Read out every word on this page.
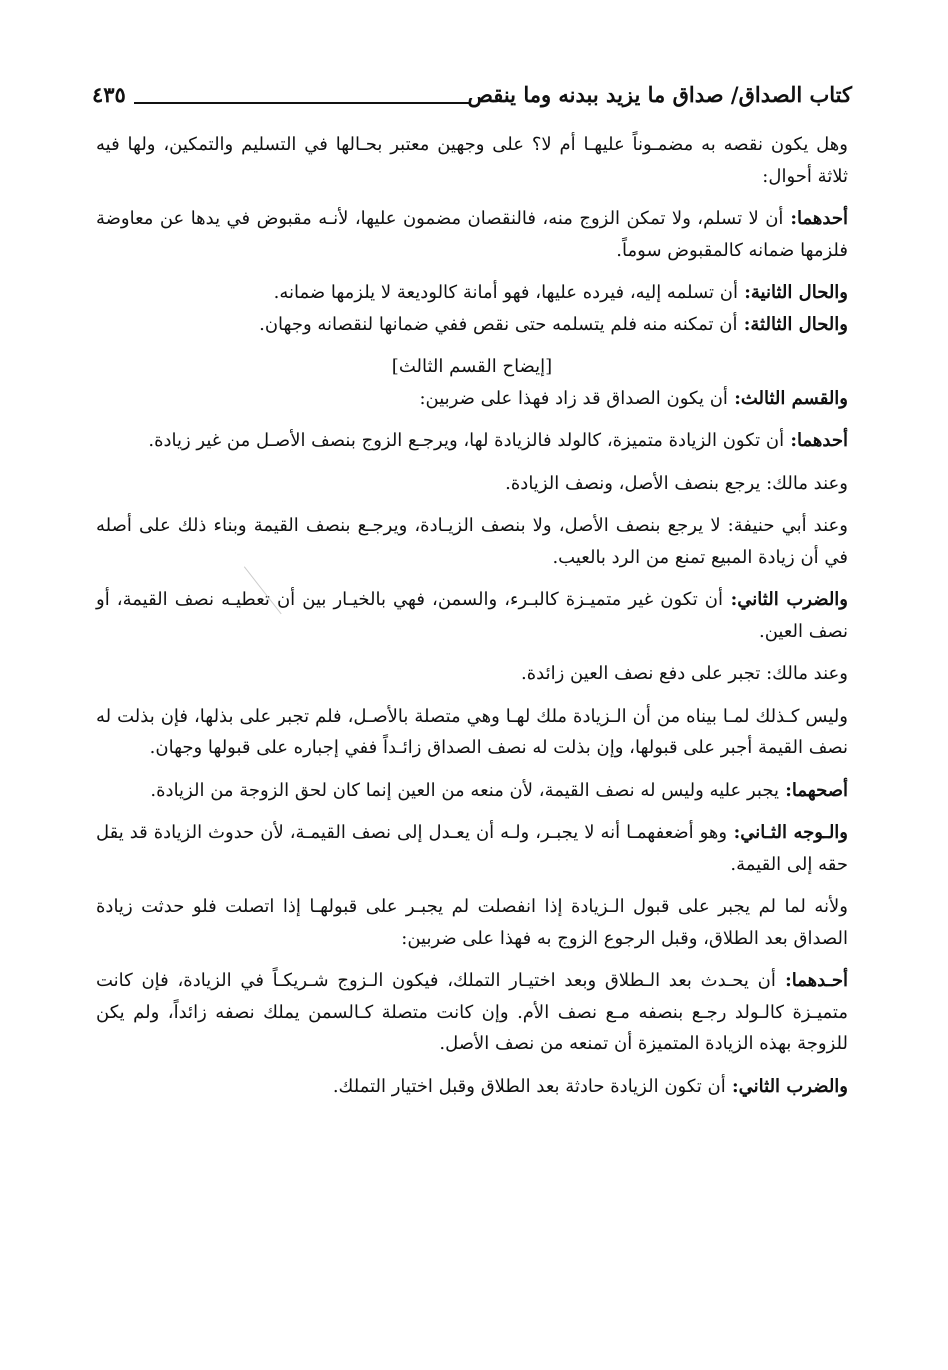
٤٣٥	كتاب الصداق/ صداق ما يزيد ببدنه وما ينقص

وهل يكون نقصه به مضمـوناً عليهـا أم لا؟ على وجهين معتبر بحـالها في التسليم والتمكين، ولها فيه ثلاثة أحوال:

أحدهما: أن لا تسلم، ولا تمكن الزوج منه، فالنقصان مضمون عليها، لأنـه مقبوض في يدها عن معاوضة فلزمها ضمانه كالمقبوض سوماً.

والحال الثانية: أن تسلمه إليه، فيرده عليها، فهو أمانة كالوديعة لا يلزمها ضمانه.

والحال الثالثة: أن تمكنه منه فلم يتسلمه حتى نقص ففي ضمانها لنقصانه وجهان.

[إيضاح القسم الثالث]

والقسم الثالث: أن يكون الصداق قد زاد فهذا على ضربين:

أحدهما: أن تكون الزيادة متميزة، كالولد فالزيادة لها، ويرجـع الزوج بنصف الأصـل من غير زيادة.

وعند مالك: يرجع بنصف الأصل، ونصف الزيادة.

وعند أبي حنيفة: لا يرجع بنصف الأصل، ولا بنصف الزيـادة، ويرجـع بنصف القيمة وبناء ذلك على أصله في أن زيادة المبيع تمنع من الرد بالعيب.

والضرب الثاني: أن تكون غير متميـزة كالبـرء، والسمن، فهي بالخيـار بين أن تعطيـه نصف القيمة، أو نصف العين.

وعند مالك: تجبر على دفع نصف العين زائدة.

وليس كـذلك لمـا بيناه من أن الـزيادة ملك لهـا وهي متصلة بالأصـل، فلم تجبر على بذلها، فإن بذلت له نصف القيمة أجبر على قبولها، وإن بذلت له نصف الصداق زائـداً ففي إجباره على قبولها وجهان.

أصحهما: يجبر عليه وليس له نصف القيمة، لأن منعه من العين إنما كان لحق الزوجة من الزيادة.

والـوجه الثـاني: وهو أضعفهمـا أنه لا يجبـر، ولـه أن يعـدل إلى نصف القيمـة، لأن حدوث الزيادة قد يقل حقه إلى القيمة.

ولأنه لما لم يجبر على قبول الـزيادة إذا انفصلت لم يجبـر على قبولهـا إذا اتصلت فلو حدثت زيادة الصداق بعد الطلاق، وقبل الرجوع الزوج به فهذا على ضربين:

أحـدهما: أن يحـدث بعد الـطلاق وبعد اختيـار التملك، فيكون الـزوج شـريكـاً في الزيادة، فإن كانت متميـزة كالـولد رجـع بنصفه مـع نصف الأم. وإن كانت متصلة كـالسمن يملك نصفه زائداً، ولم يكن للزوجة بهذه الزيادة المتميزة أن تمنعه من نصف الأصل.

والضرب الثاني: أن تكون الزيادة حادثة بعد الطلاق وقبل اختيار التملك.
